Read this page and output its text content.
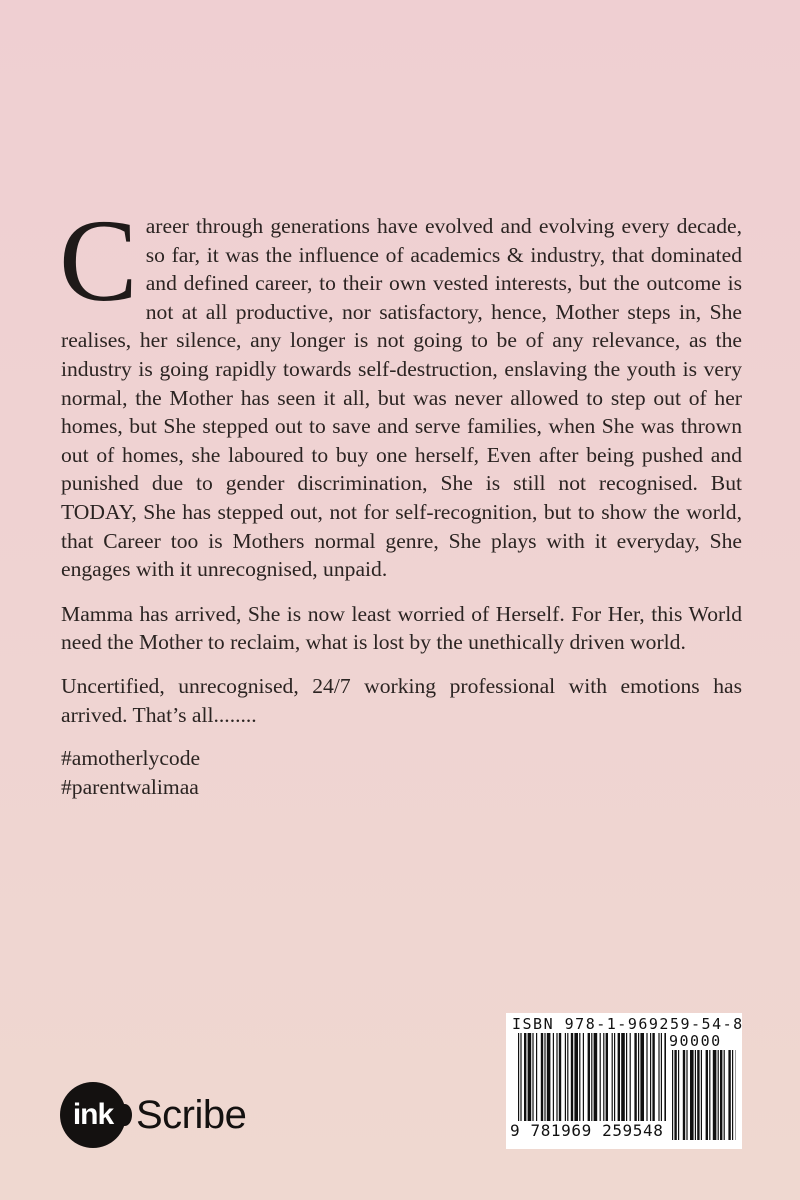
Career through generations have evolved and evolving every decade, so far, it was the influence of academics & industry, that dominated and defined career, to their own vested interests, but the outcome is not at all productive, nor satisfactory, hence, Mother steps in, She realises, her silence, any longer is not going to be of any relevance, as the industry is going rapidly towards self-destruction, enslaving the youth is very normal, the Mother has seen it all, but was never allowed to step out of her homes, but She stepped out to save and serve families, when She was thrown out of homes, she laboured to buy one herself, Even after being pushed and punished due to gender discrimination, She is still not recognised. But TODAY, She has stepped out, not for self-recognition, but to show the world, that Career too is Mothers normal genre, She plays with it everyday, She engages with it unrecognised, unpaid.

Mamma has arrived, She is now least worried of Herself. For Her, this World need the Mother to reclaim, what is lost by the unethically driven world.

Uncertified, unrecognised, 24/7 working professional with emotions has arrived. That’s all........

#amotherlycode
#parentwalimaa
ink Scribe
ISBN 978-1-969259-54-8
90000
9 781969 259548
